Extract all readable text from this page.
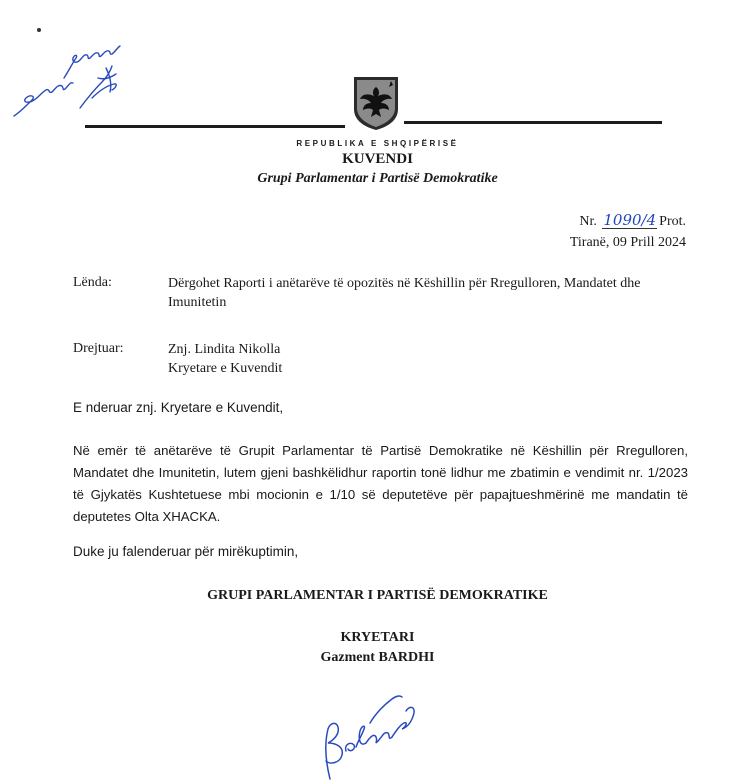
REPUBLIKA E SHQIPËRISË
KUVENDI
Grupi Parlamentar i Partisë Demokratike
Nr. 1090/4 Prot.
Tiranë, 09 Prill 2024
Lënda:	Dërgohet Raporti i anëtarëve të opozitës në Këshillin për Rregulloren, Mandatet dhe Imunitetin
Drejtuar:	Znj. Lindita Nikolla
Kryetare e Kuvendit
E nderuar znj. Kryetare e Kuvendit,
Në emër të anëtarëve të Grupit Parlamentar të Partisë Demokratike në Këshillin për Rregulloren, Mandatet dhe Imunitetin, lutem gjeni bashkëlidhur raportin tonë lidhur me zbatimin e vendimit nr. 1/2023 të Gjykatës Kushtetuese mbi mocionin e 1/10 së deputetëve për papajtueshmërinë me mandatin të deputetes Olta XHACKA.
Duke ju falenderuar për mirëkuptimin,
GRUPI PARLAMENTAR I PARTISË DEMOKRATIKE
KRYETARI
Gazment BARDHI
